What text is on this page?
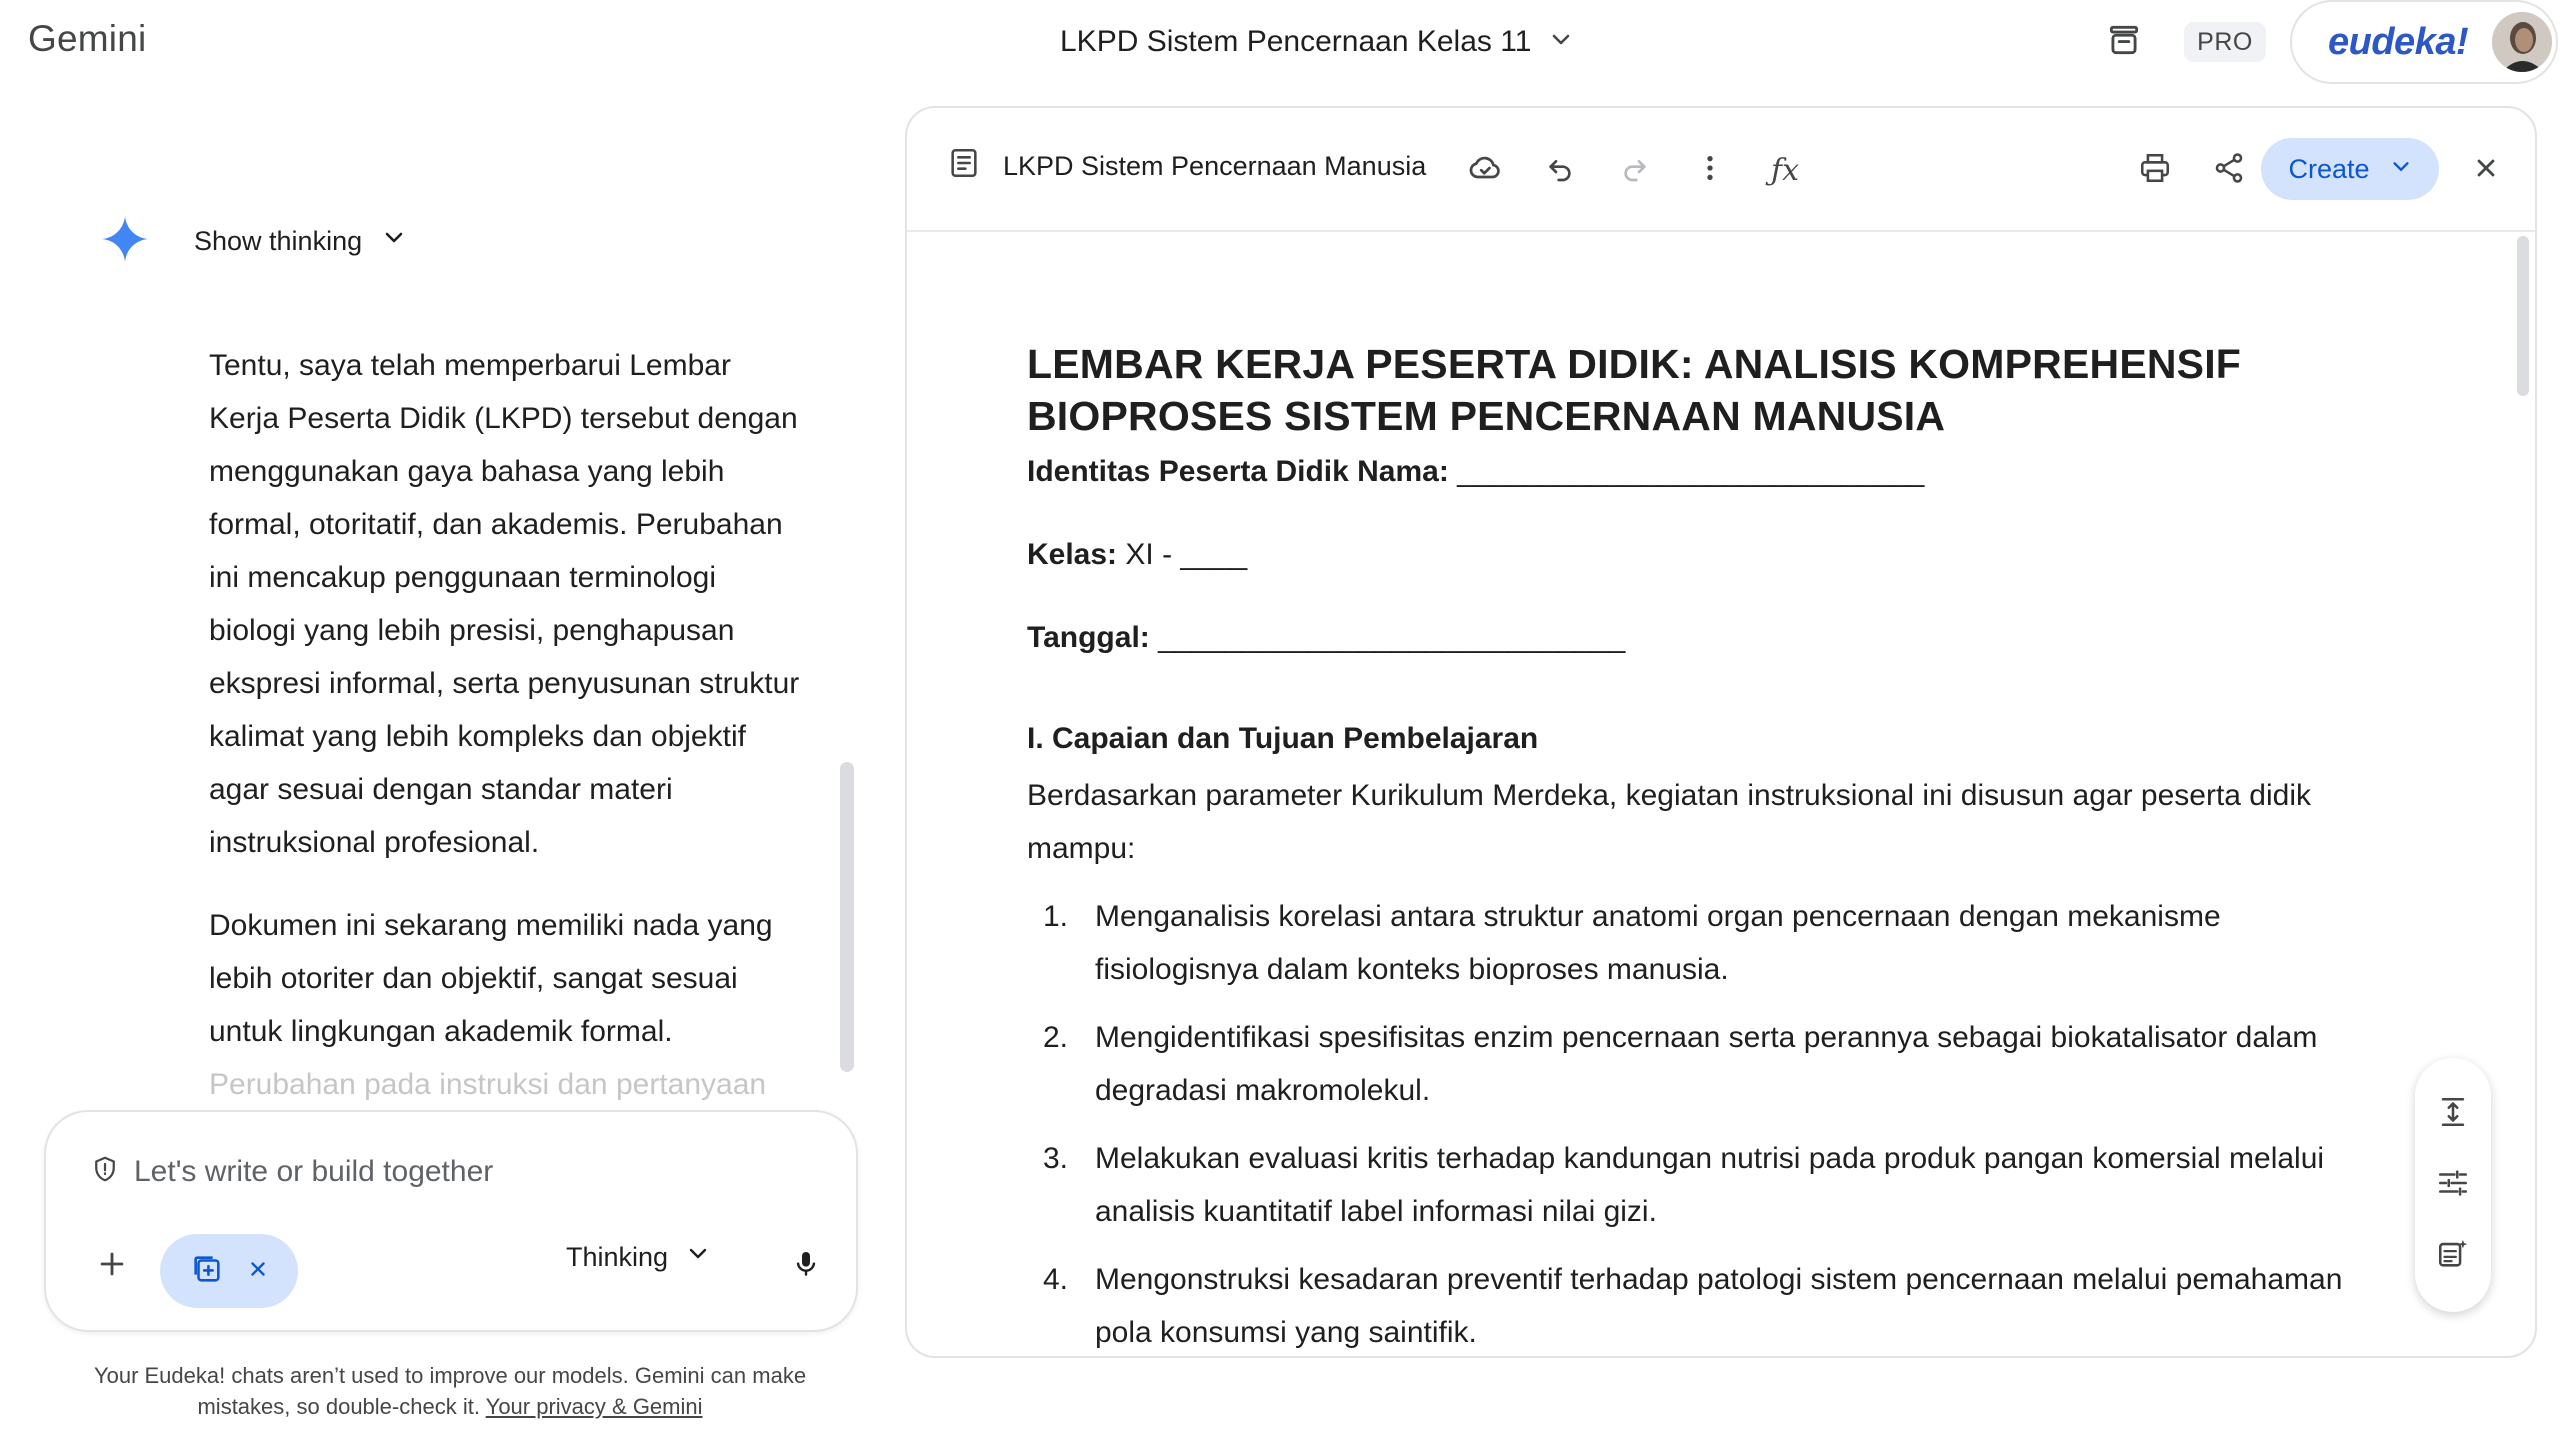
Gemini	LKPD Sistem Pencernaan Kelas 11	PRO	eudeka!
Show thinking

Tentu, saya telah memperbarui Lembar Kerja Peserta Didik (LKPD) tersebut dengan menggunakan gaya bahasa yang lebih formal, otoritatif, dan akademis. Perubahan ini mencakup penggunaan terminologi biologi yang lebih presisi, penghapusan ekspresi informal, serta penyusunan struktur kalimat yang lebih kompleks dan objektif agar sesuai dengan standar materi instruksional profesional.

Dokumen ini sekarang memiliki nada yang lebih otoriter dan objektif, sangat sesuai untuk lingkungan akademik formal.
Perubahan pada instruksi dan pertanyaan

Let's write or build together
Thinking
Your Eudeka! chats aren’t used to improve our models. Gemini can make mistakes, so double-check it. Your privacy & Gemini
LKPD Sistem Pencernaan Manusia	ƒx	Create
LEMBAR KERJA PESERTA DIDIK: ANALISIS KOMPREHENSIF
BIOPROSES SISTEM PENCERNAAN MANUSIA
Identitas Peserta Didik Nama: ____________________________
Kelas: XI - ____
Tanggal: ____________________________
I. Capaian dan Tujuan Pembelajaran
Berdasarkan parameter Kurikulum Merdeka, kegiatan instruksional ini disusun agar peserta didik mampu:
1. Menganalisis korelasi antara struktur anatomi organ pencernaan dengan mekanisme fisiologisnya dalam konteks bioproses manusia.
2. Mengidentifikasi spesifisitas enzim pencernaan serta perannya sebagai biokatalisator dalam degradasi makromolekul.
3. Melakukan evaluasi kritis terhadap kandungan nutrisi pada produk pangan komersial melalui analisis kuantitatif label informasi nilai gizi.
4. Mengonstruksi kesadaran preventif terhadap patologi sistem pencernaan melalui pemahaman pola konsumsi yang saintifik.
